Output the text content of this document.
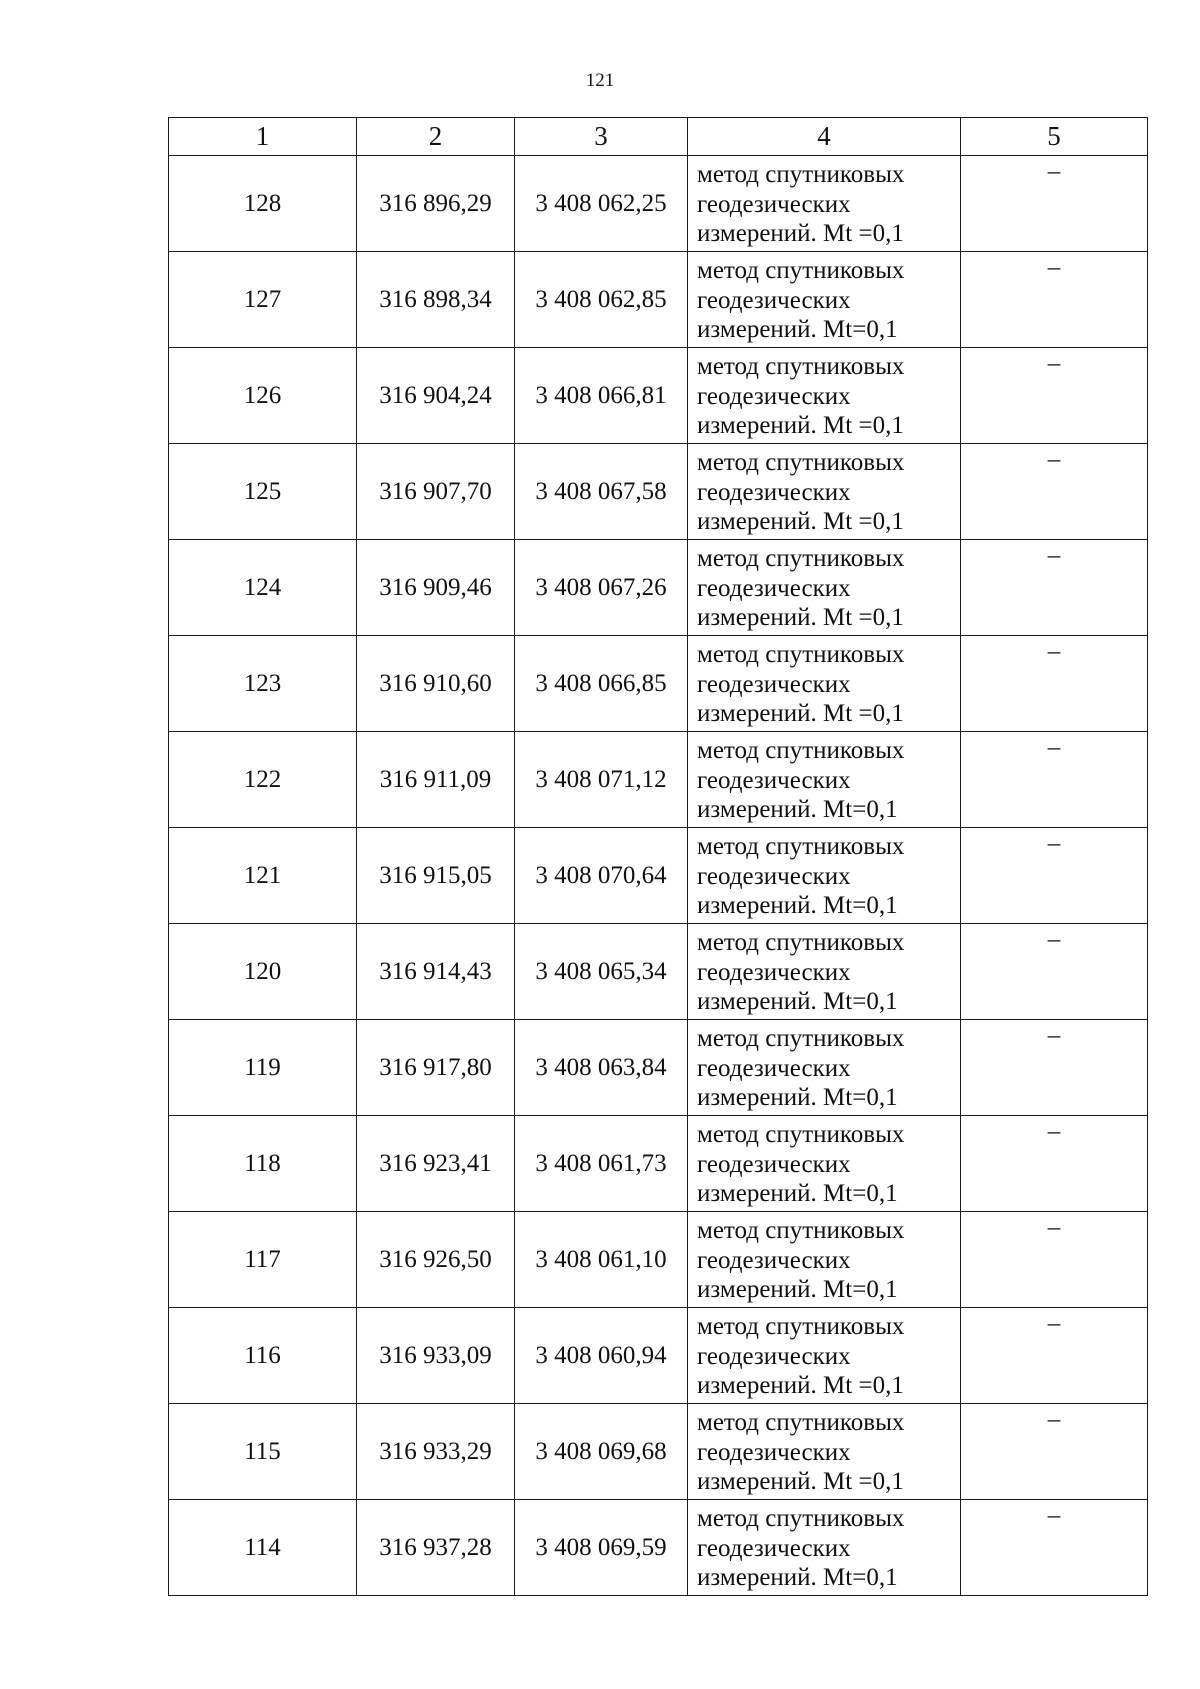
121
1	2	3	4	5
128	316 896,29	3 408 062,25	метод спутниковых
геодезических
измерений. Mt =0,1	–
127	316 898,34	3 408 062,85	метод спутниковых
геодезических
измерений. Mt=0,1	–
126	316 904,24	3 408 066,81	метод спутниковых
геодезических
измерений. Mt =0,1	–
125	316 907,70	3 408 067,58	метод спутниковых
геодезических
измерений. Mt =0,1	–
124	316 909,46	3 408 067,26	метод спутниковых
геодезических
измерений. Mt =0,1	–
123	316 910,60	3 408 066,85	метод спутниковых
геодезических
измерений. Mt =0,1	–
122	316 911,09	3 408 071,12	метод спутниковых
геодезических
измерений. Mt=0,1	–
121	316 915,05	3 408 070,64	метод спутниковых
геодезических
измерений. Mt=0,1	–
120	316 914,43	3 408 065,34	метод спутниковых
геодезических
измерений. Mt=0,1	–
119	316 917,80	3 408 063,84	метод спутниковых
геодезических
измерений. Mt=0,1	–
118	316 923,41	3 408 061,73	метод спутниковых
геодезических
измерений. Mt=0,1	–
117	316 926,50	3 408 061,10	метод спутниковых
геодезических
измерений. Mt=0,1	–
116	316 933,09	3 408 060,94	метод спутниковых
геодезических
измерений. Mt =0,1	–
115	316 933,29	3 408 069,68	метод спутниковых
геодезических
измерений. Mt =0,1	–
114	316 937,28	3 408 069,59	метод спутниковых
геодезических
измерений. Mt=0,1	–
